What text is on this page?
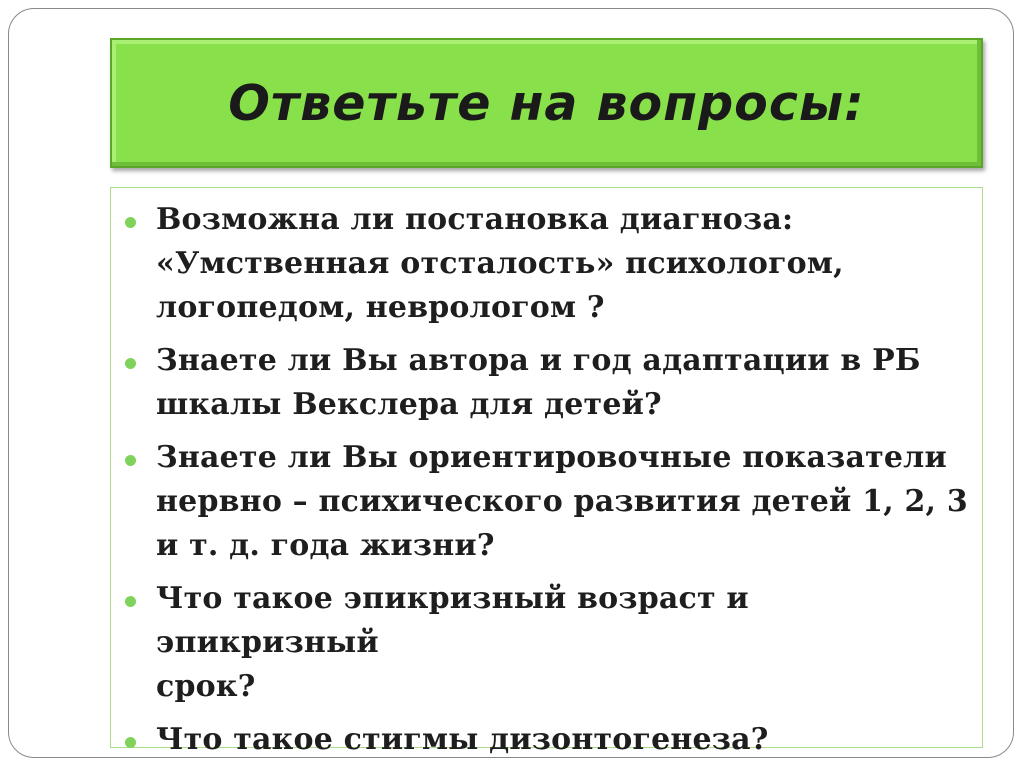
Ответьте на вопросы:
Возможна ли постановка диагноза:
«Умственная отсталость» психологом,
логопедом, неврологом ?
Знаете ли Вы автора и год адаптации в РБ
шкалы Векслера для детей?
Знаете ли Вы ориентировочные показатели
нервно – психического развития детей 1, 2, 3
и т. д. года жизни?
Что такое эпикризный возраст и эпикризный
срок?
Что такое стигмы дизонтогенеза?
